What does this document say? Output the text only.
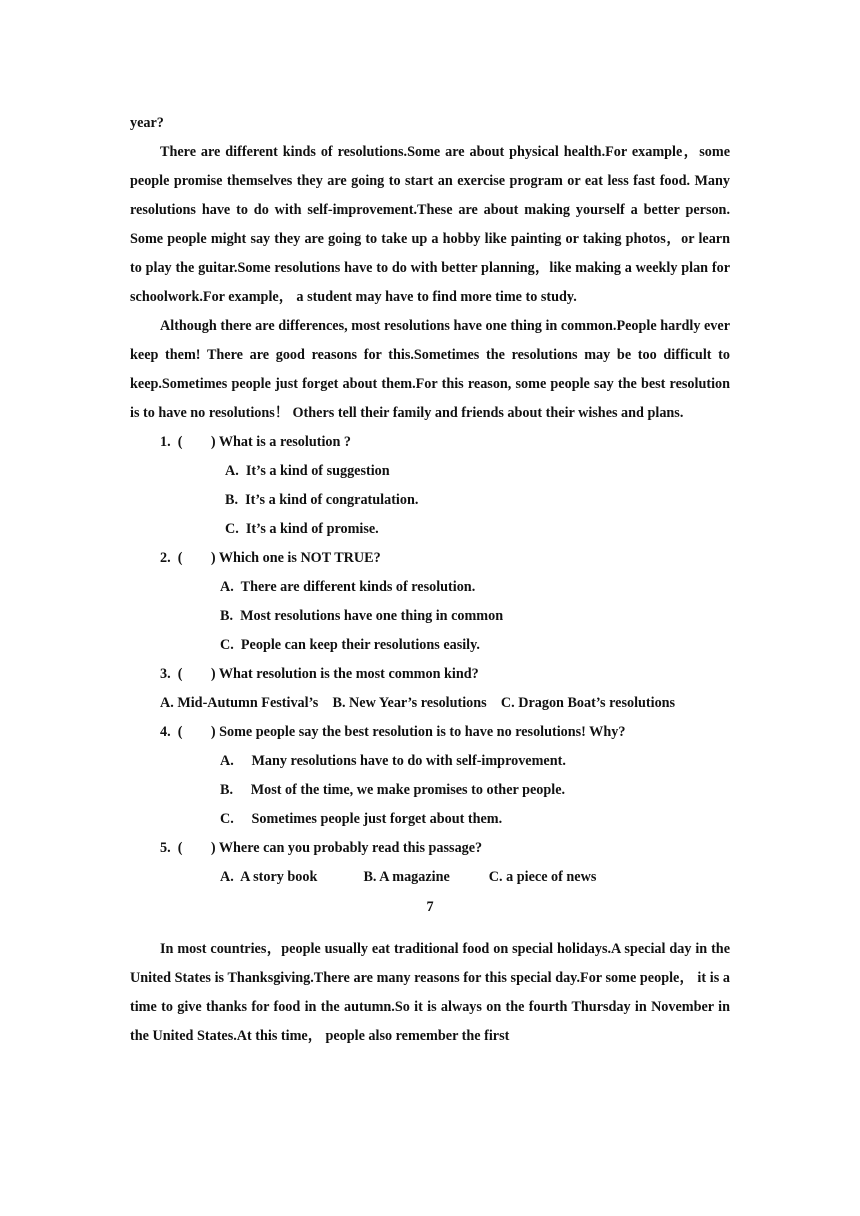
year?

There are different kinds of resolutions.Some are about physical health.For example，some people promise themselves they are going to start an exercise program or eat less fast food. Many resolutions have to do with self-improvement.These are about making yourself a better person. Some people might say they are going to take up a hobby like painting or taking photos，or learn to play the guitar.Some resolutions have to do with better planning，like making a weekly plan for schoolwork.For example， a student may have to find more time to study.

Although there are differences, most resolutions have one thing in common.People hardly ever keep them! There are good reasons for this.Sometimes the resolutions may be too difficult to keep.Sometimes people just forget about them.For this reason, some people say the best resolution is to have no resolutions！ Others tell their family and friends about their wishes and plans.

1.  (        ) What is a resolution ?
A.  It’s a kind of suggestion
B.  It’s a kind of congratulation.
C.  It’s a kind of promise.
2.  (        ) Which one is NOT TRUE?
A.  There are different kinds of resolution.
B.  Most resolutions have one thing in common
C.  People can keep their resolutions easily.
3.  (        ) What resolution is the most common kind?
A. Mid-Autumn Festival’s    B. New Year’s resolutions    C. Dragon Boat’s resolutions
4.  (        ) Some people say the best resolution is to have no resolutions! Why?
A.     Many resolutions have to do with self-improvement.
B.     Most of the time, we make promises to other people.
C.     Sometimes people just forget about them.
5.  (        ) Where can you probably read this passage?
A.  A story book             B. A magazine           C. a piece of news
7

In most countries，people usually eat traditional food on special holidays.A special day in the United States is Thanksgiving.There are many reasons for this special day.For some people， it is a time to give thanks for food in the autumn.So it is always on the fourth Thursday in November in the United States.At this time， people also remember the first
